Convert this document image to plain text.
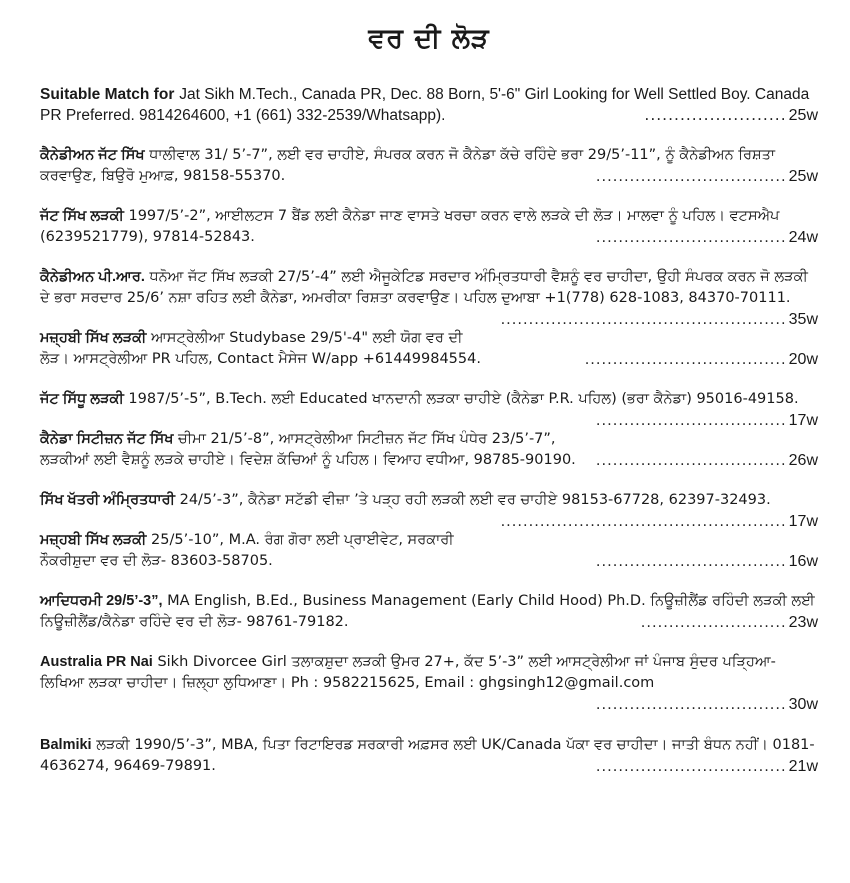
ਵਰ ਦੀ ਲੋੜ

Suitable Match for Jat Sikh M.Tech., Canada PR, Dec. 88 Born, 5'-6" Girl Looking for Well Settled Boy. Canada PR Preferred. 9814264600, +1 (661) 332-2539/Whatsapp).	........................ 25w

ਕੈਨੇਡੀਅਨ ਜੱਟ ਸਿੱਖ ਧਾਲੀਵਾਲ 31/ 5’-7”, ਲਈ ਵਰ ਚਾਹੀਏ, ਸੰਪਰਕ ਕਰਨ ਜੋ ਕੈਨੇਡਾ ਕੱਚੇ ਰਹਿੰਦੇ ਭਰਾ 29/5’-11”, ਨੂੰ ਕੈਨੇਡੀਅਨ ਰਿਸ਼ਤਾ ਕਰਵਾਉਣ, ਬਿਉਰੋ ਮੁਆਫ਼, 98158-55370.	.................................. 25w

ਜੱਟ ਸਿੱਖ ਲੜਕੀ 1997/5’-2”, ਆਈਲਟਸ 7 ਬੈਂਡ ਲਈ ਕੈਨੇਡਾ ਜਾਣ ਵਾਸਤੇ ਖਰਚਾ ਕਰਨ ਵਾਲੇ ਲੜਕੇ ਦੀ ਲੋੜ। ਮਾਲਵਾ ਨੂੰ ਪਹਿਲ। ਵਟਸਐਪ (6239521779), 97814-52843.	.................................. 24w

ਕੈਨੇਡੀਅਨ ਪੀ.ਆਰ. ਧਨੋਆ ਜੱਟ ਸਿੱਖ ਲੜਕੀ 27/5’-4” ਲਈ ਐਜੂਕੇਟਿਡ ਸਰਦਾਰ ਅੰਮ੍ਰਿਤਧਾਰੀ ਵੈਸ਼ਨੂੰ ਵਰ ਚਾਹੀਦਾ, ਉਹੀ ਸੰਪਰਕ ਕਰਨ ਜੋ ਲੜਕੀ ਦੇ ਭਰਾ ਸਰਦਾਰ 25/6’ ਨਸ਼ਾ ਰਹਿਤ ਲਈ ਕੈਨੇਡਾ, ਅਮਰੀਕਾ ਰਿਸ਼ਤਾ ਕਰਵਾਉਣ। ਪਹਿਲ ਦੁਆਬਾ +1(778) 628-1083, 84370-70111.
................................................... 35w

ਮਜ਼੍ਹਬੀ ਸਿੱਖ ਲੜਕੀ ਆਸਟ੍ਰੇਲੀਆ Studybase 29/5'-4" ਲਈ ਯੋਗ ਵਰ ਦੀ ਲੋੜ। ਆਸਟ੍ਰੇਲੀਆ PR ਪਹਿਲ, Contact ਮੈਸੇਜ W/app +61449984554.	.................................... 20w

ਜੱਟ ਸਿੱਧੂ ਲੜਕੀ 1987/5’-5”, B.Tech. ਲਈ Educated ਖਾਨਦਾਨੀ ਲੜਕਾ ਚਾਹੀਏ (ਕੈਨੇਡਾ P.R. ਪਹਿਲ) (ਭਰਾ ਕੈਨੇਡਾ) 95016-49158.
.................................. 17w

ਕੈਨੇਡਾ ਸਿਟੀਜ਼ਨ ਜੱਟ ਸਿੱਖ ਚੀਮਾ 21/5’-8”, ਆਸਟ੍ਰੇਲੀਆ ਸਿਟੀਜ਼ਨ ਜੱਟ ਸਿੱਖ ਪੰਧੇਰ 23/5’-7”, ਲੜਕੀਆਂ ਲਈ ਵੈਸ਼ਨੂੰ ਲੜਕੇ ਚਾਹੀਏ। ਵਿਦੇਸ਼ ਕੱਚਿਆਂ ਨੂੰ ਪਹਿਲ। ਵਿਆਹ ਵਧੀਆ, 98785-90190.	.................................. 26w

ਸਿੱਖ ਖੱਤਰੀ ਅੰਮ੍ਰਿਤਧਾਰੀ 24/5’-3”, ਕੈਨੇਡਾ ਸਟੱਡੀ ਵੀਜ਼ਾ ’ਤੇ ਪੜ੍ਹ ਰਹੀ ਲੜਕੀ ਲਈ ਵਰ ਚਾਹੀਏ 98153-67728, 62397-32493.
................................................... 17w

ਮਜ਼੍ਹਬੀ ਸਿੱਖ ਲੜਕੀ 25/5’-10”, M.A. ਰੰਗ ਗੋਰਾ ਲਈ ਪ੍ਰਾਈਵੇਟ, ਸਰਕਾਰੀ ਨੌਕਰੀਸ਼ੁਦਾ ਵਰ ਦੀ ਲੋੜ- 83603-58705.	.................................. 16w

ਆਦਿਧਰਮੀ 29/5’-3”, MA English, B.Ed., Business Management (Early Child Hood) Ph.D. ਨਿਊਜ਼ੀਲੈਂਡ ਰਹਿੰਦੀ ਲੜਕੀ ਲਈ ਨਿਊਜ਼ੀਲੈਂਡ/ਕੈਨੇਡਾ ਰਹਿੰਦੇ ਵਰ ਦੀ ਲੋੜ- 98761-79182.	.......................... 23w

Australia PR Nai Sikh Divorcee Girl ਤਲਾਕਸ਼ੁਦਾ ਲੜਕੀ ਉਮਰ 27+, ਕੱਦ 5’-3” ਲਈ ਆਸਟ੍ਰੇਲੀਆ ਜਾਂ ਪੰਜਾਬ ਸੁੰਦਰ ਪੜ੍ਹਿਆ-ਲਿਖਿਆ ਲੜਕਾ ਚਾਹੀਦਾ। ਜ਼ਿਲ੍ਹਾ ਲੁਧਿਆਣਾ। Ph : 9582215625, Email : ghgsingh12@gmail.com

.................................. 30w

Balmiki ਲੜਕੀ 1990/5’-3”, MBA, ਪਿਤਾ ਰਿਟਾਇਰਡ ਸਰਕਾਰੀ ਅਫ਼ਸਰ ਲਈ UK/Canada ਪੱਕਾ ਵਰ ਚਾਹੀਦਾ। ਜਾਤੀ ਬੰਧਨ ਨਹੀਂ। 0181-4636274, 96469-79891.	.................................. 21w
